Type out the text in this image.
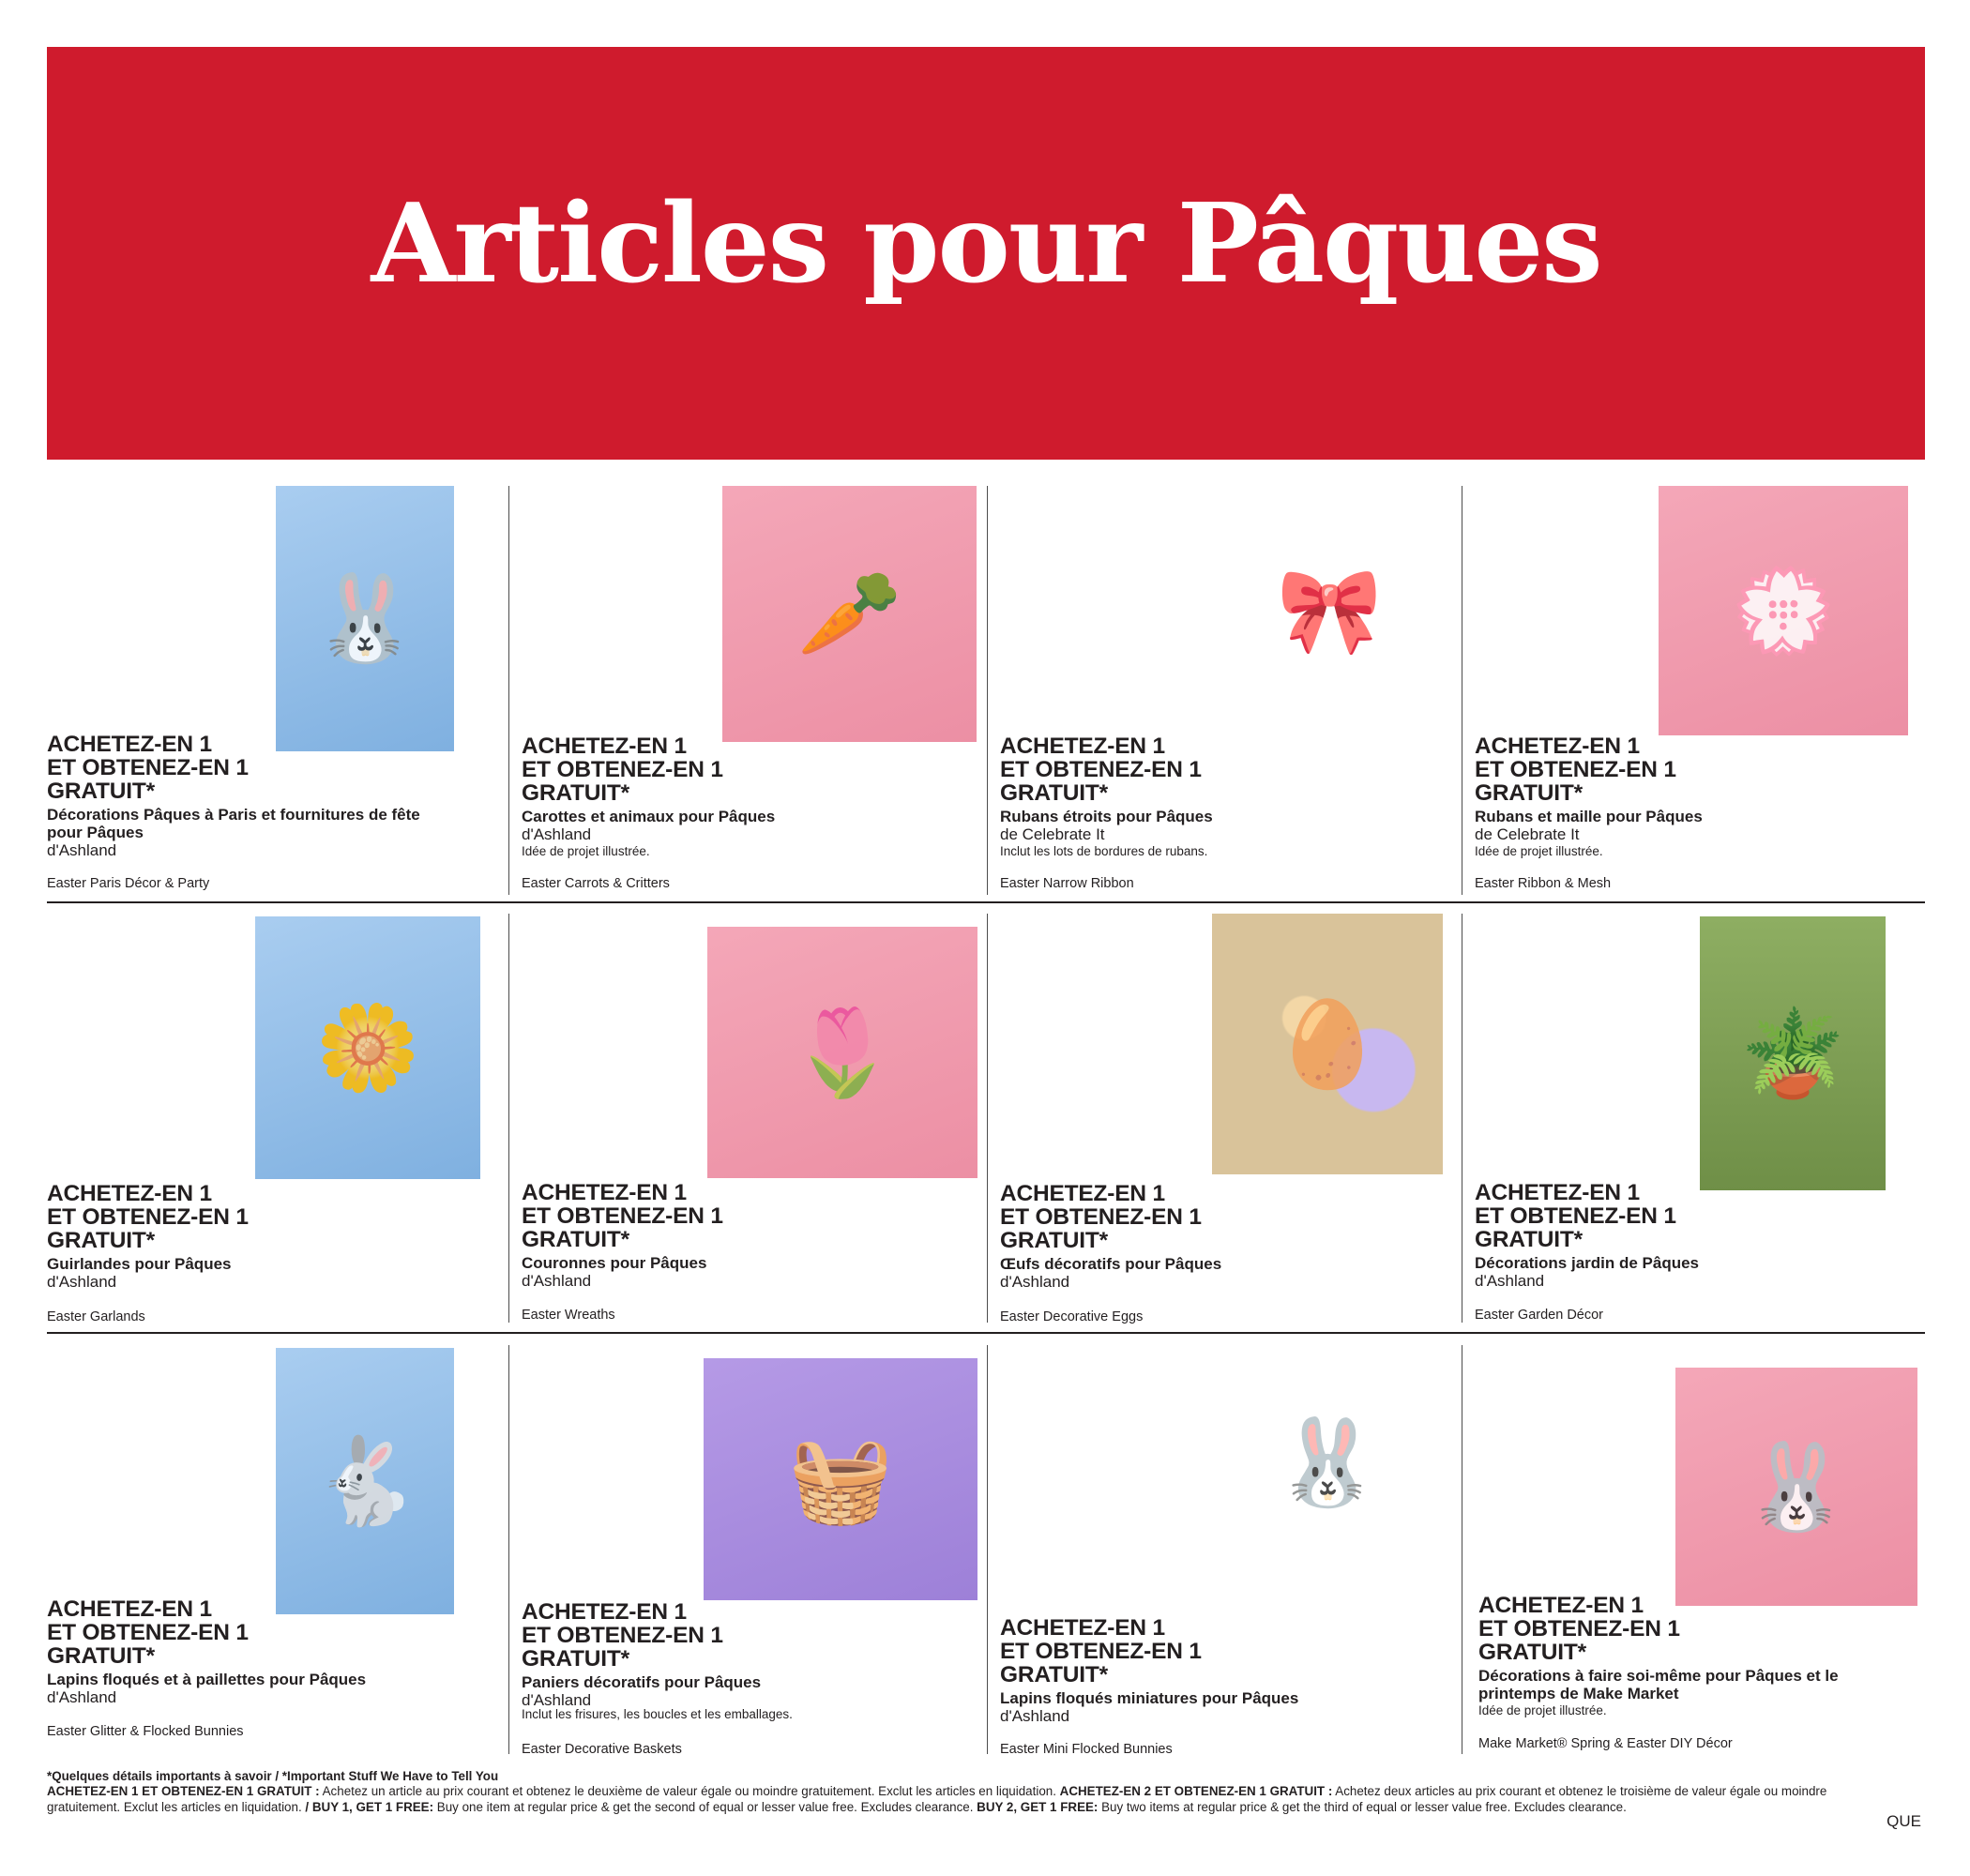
Articles pour Pâques
🐰
ACHETEZ-EN 1
ET OBTENEZ-EN 1
GRATUIT*

Décorations Pâques à Paris et fournitures de fête pour Pâques

d'Ashland
Easter Paris Décor & Party
🥕
ACHETEZ-EN 1
ET OBTENEZ-EN 1
GRATUIT*

Carottes et animaux pour Pâques

d'Ashland
Idée de projet illustrée.
Easter Carrots & Critters
🎀
ACHETEZ-EN 1
ET OBTENEZ-EN 1
GRATUIT*

Rubans étroits pour Pâques

de Celebrate It
Inclut les lots de bordures de rubans.
Easter Narrow Ribbon
💮
ACHETEZ-EN 1
ET OBTENEZ-EN 1
GRATUIT*

Rubans et maille pour Pâques

de Celebrate It
Idée de projet illustrée.
Easter Ribbon & Mesh
🌼
ACHETEZ-EN 1
ET OBTENEZ-EN 1
GRATUIT*

Guirlandes pour Pâques

d'Ashland
Easter Garlands
🌷
ACHETEZ-EN 1
ET OBTENEZ-EN 1
GRATUIT*

Couronnes pour Pâques

d'Ashland
Easter Wreaths
🥚
ACHETEZ-EN 1
ET OBTENEZ-EN 1
GRATUIT*

Œufs décoratifs pour Pâques

d'Ashland
Easter Decorative Eggs
🪴
ACHETEZ-EN 1
ET OBTENEZ-EN 1
GRATUIT*

Décorations jardin de Pâques

d'Ashland
Easter Garden Décor
🐇
ACHETEZ-EN 1
ET OBTENEZ-EN 1
GRATUIT*

Lapins floqués et à paillettes pour Pâques

d'Ashland
Easter Glitter & Flocked Bunnies
🧺
ACHETEZ-EN 1
ET OBTENEZ-EN 1
GRATUIT*

Paniers décoratifs pour Pâques

d'Ashland
Inclut les frisures, les boucles et les emballages.
Easter Decorative Baskets
🐰
ACHETEZ-EN 1
ET OBTENEZ-EN 1
GRATUIT*

Lapins floqués miniatures pour Pâques

d'Ashland
Easter Mini Flocked Bunnies
🐰
ACHETEZ-EN 1
ET OBTENEZ-EN 1
GRATUIT*

Décorations à faire soi-même pour Pâques et le printemps de Make Market

Idée de projet illustrée.
Make Market® Spring & Easter DIY Décor
*Quelques détails importants à savoir / *Important Stuff We Have to Tell You
ACHETEZ-EN 1 ET OBTENEZ-EN 1 GRATUIT : Achetez un article au prix courant et obtenez le deuxième de valeur égale ou moindre gratuitement. Exclut les articles en liquidation. ACHETEZ-EN 2 ET OBTENEZ-EN 1 GRATUIT : Achetez deux articles au prix courant et obtenez le troisième de valeur égale ou moindre gratuitement. Exclut les articles en liquidation. / BUY 1, GET 1 FREE: Buy one item at regular price & get the second of equal or lesser value free. Excludes clearance. BUY 2, GET 1 FREE: Buy two items at regular price & get the third of equal or lesser value free. Excludes clearance.
QUE
